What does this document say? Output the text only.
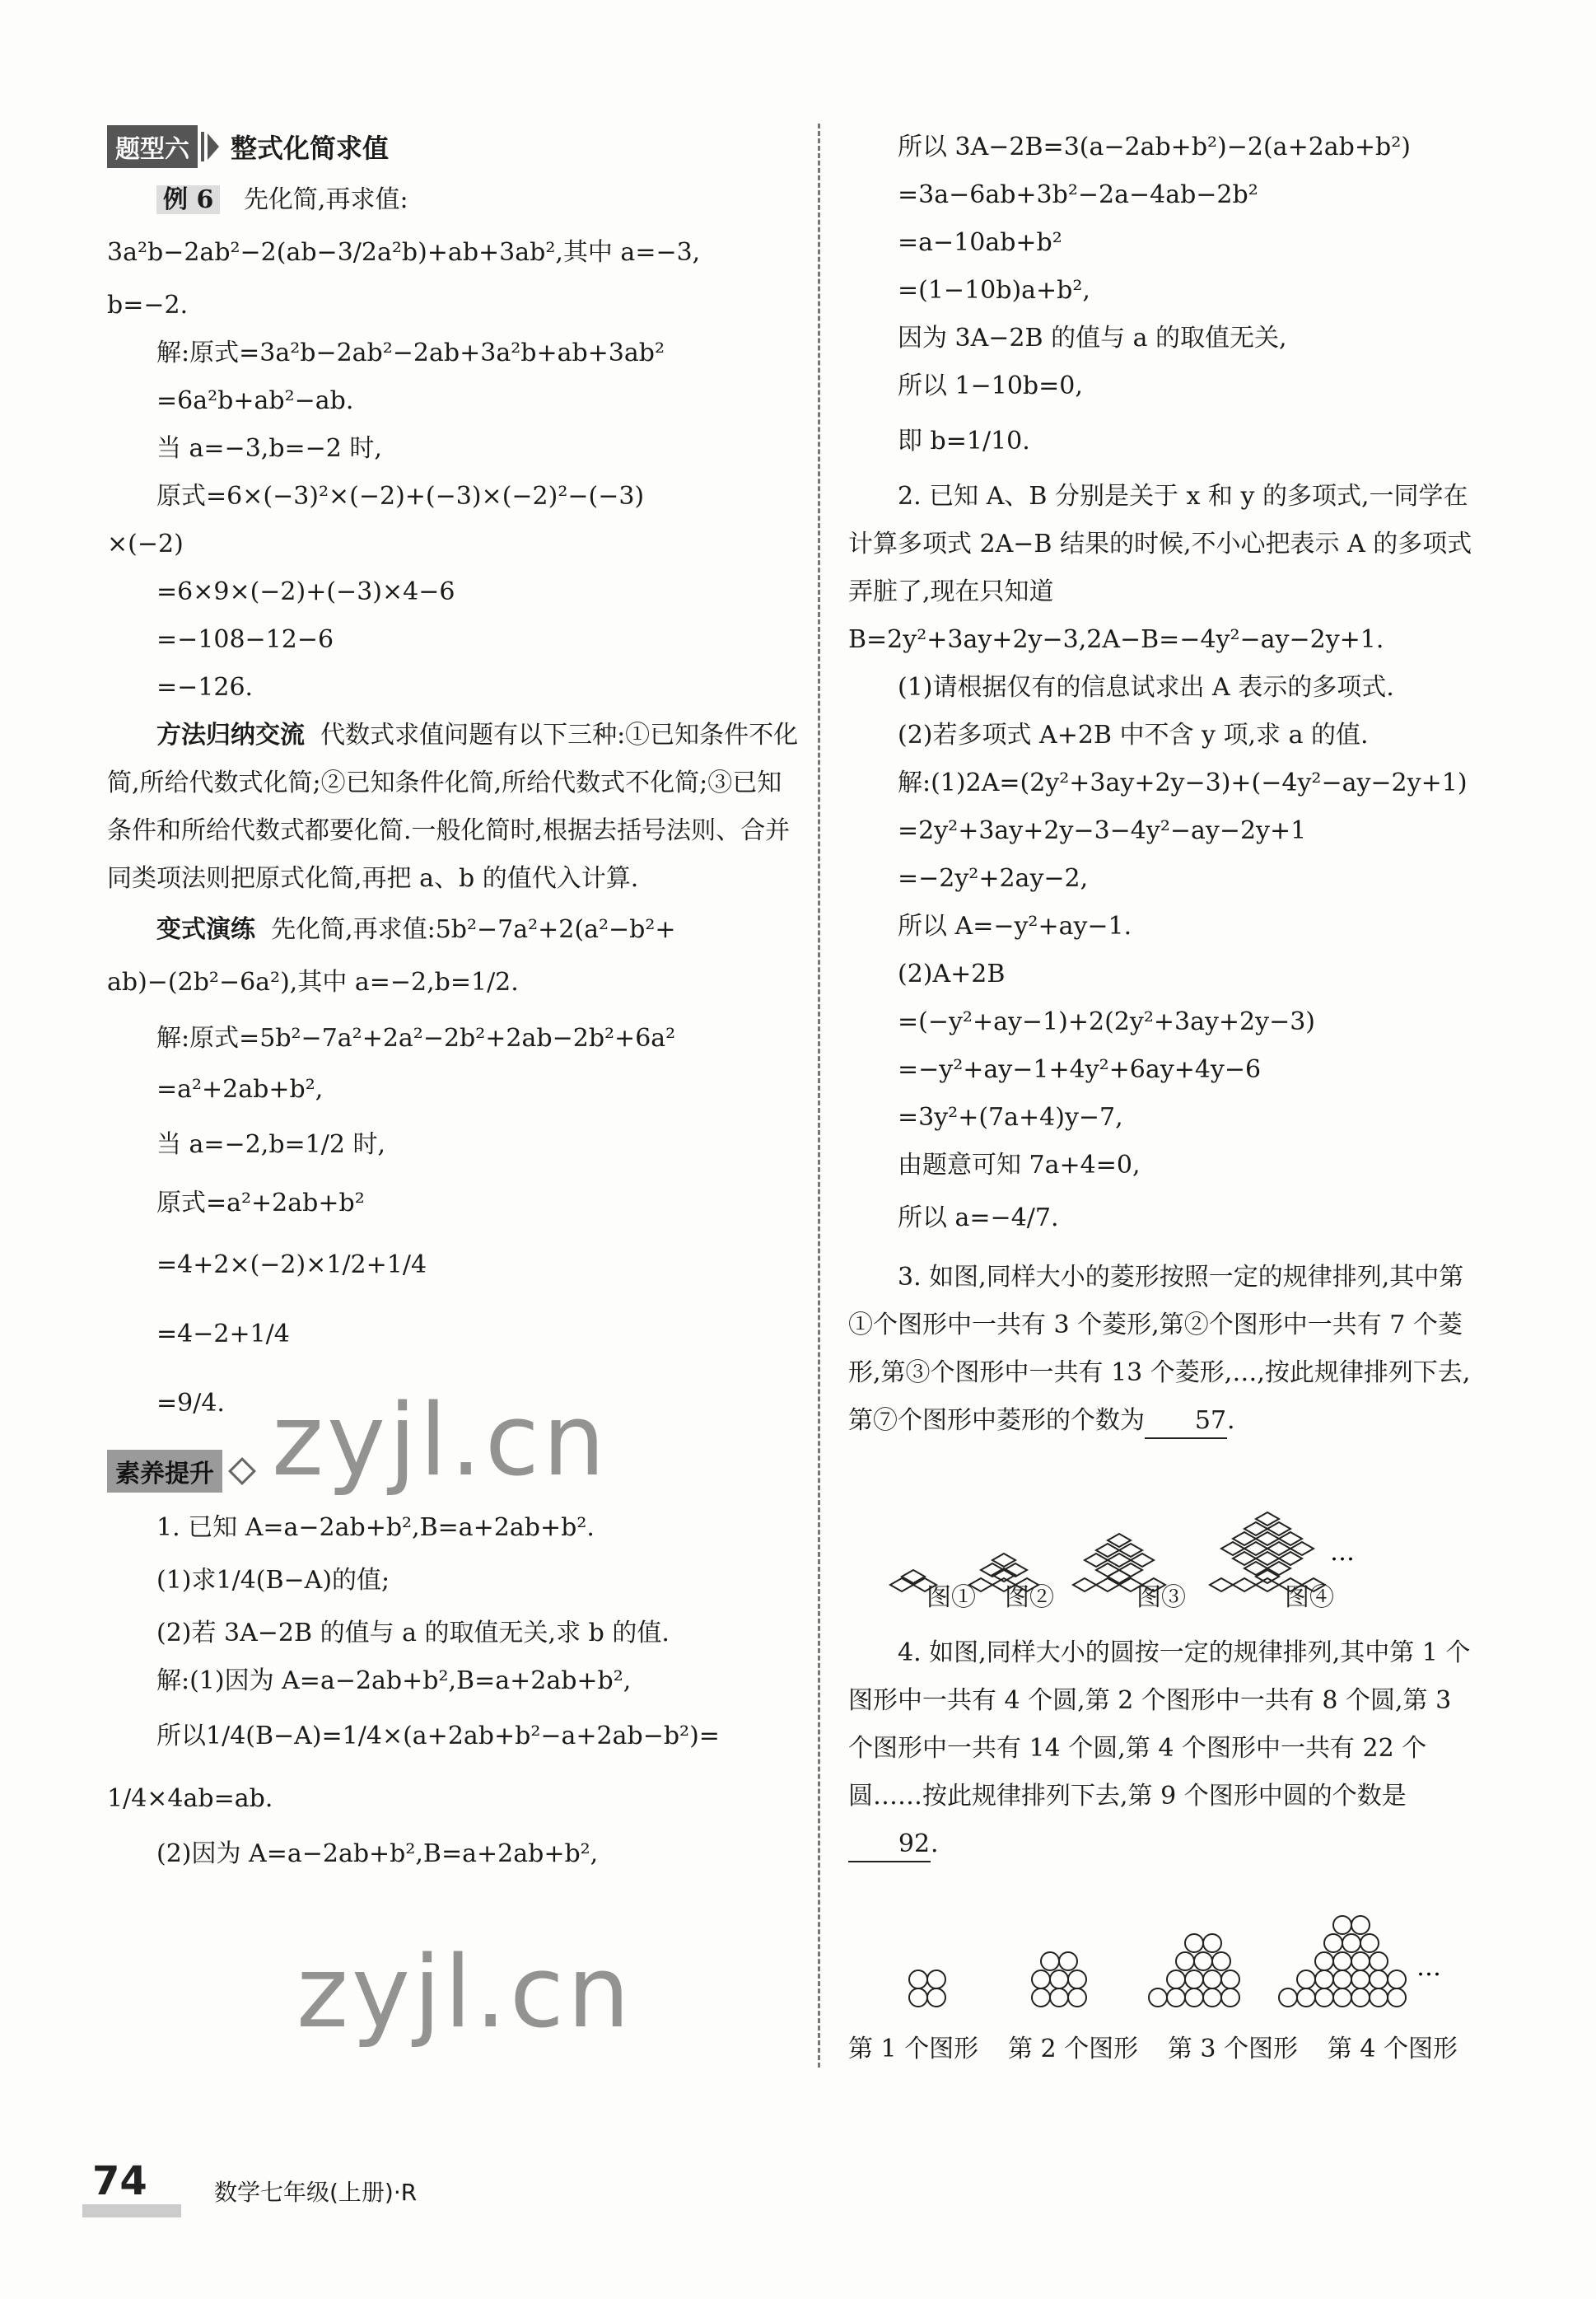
题型六	整式化简求值
例 6 先化简,再求值:
3a²b−2ab²−2(ab−3/2a²b)+ab+3ab²,其中 a=−3,
b=−2.
解:原式=3a²b−2ab²−2ab+3a²b+ab+3ab²
=6a²b+ab²−ab.
当 a=−3,b=−2 时,
原式=6×(−3)²×(−2)+(−3)×(−2)²−(−3)
×(−2)
=6×9×(−2)+(−3)×4−6
=−108−12−6
=−126.
方法归纳交流 代数式求值问题有以下三种:①已知条件不化简,所给代数式化简;②已知条件化简,所给代数式不化简;③已知条件和所给代数式都要化简.一般化简时,根据去括号法则、合并同类项法则把原式化简,再把 a、b 的值代入计算.
变式演练 先化简,再求值:5b²−7a²+2(a²−b²+
ab)−(2b²−6a²),其中 a=−2,b=1/2.
解:原式=5b²−7a²+2a²−2b²+2ab−2b²+6a²
=a²+2ab+b²,
当 a=−2,b=1/2 时,
原式=a²+2ab+b²
=4+2×(−2)×1/2+1/4
=4−2+1/4
=9/4.
素养提升
1. 已知 A=a−2ab+b²,B=a+2ab+b².
(1)求1/4(B−A)的值;
(2)若 3A−2B 的值与 a 的取值无关,求 b 的值.
解:(1)因为 A=a−2ab+b²,B=a+2ab+b²,
所以1/4(B−A)=1/4×(a+2ab+b²−a+2ab−b²)=
1/4×4ab=ab.
(2)因为 A=a−2ab+b²,B=a+2ab+b²,
所以 3A−2B=3(a−2ab+b²)−2(a+2ab+b²)
=3a−6ab+3b²−2a−4ab−2b²
=a−10ab+b²
=(1−10b)a+b²,
因为 3A−2B 的值与 a 的取值无关,
所以 1−10b=0,
即 b=1/10.
2. 已知 A、B 分别是关于 x 和 y 的多项式,一同学在计算多项式 2A−B 结果的时候,不小心把表示 A 的多项式弄脏了,现在只知道 B=2y²+3ay+2y−3,2A−B=−4y²−ay−2y+1.
(1)请根据仅有的信息试求出 A 表示的多项式.
(2)若多项式 A+2B 中不含 y 项,求 a 的值.
解:(1)2A=(2y²+3ay+2y−3)+(−4y²−ay−2y+1)
=2y²+3ay+2y−3−4y²−ay−2y+1
=−2y²+2ay−2,
所以 A=−y²+ay−1.
(2)A+2B
=(−y²+ay−1)+2(2y²+3ay+2y−3)
=−y²+ay−1+4y²+6ay+4y−6
=3y²+(7a+4)y−7,
由题意可知 7a+4=0,
所以 a=−4/7.
3. 如图,同样大小的菱形按照一定的规律排列,其中第①个图形中一共有 3 个菱形,第②个图形中一共有 7 个菱形,第③个图形中一共有 13 个菱形,…,按此规律排列下去,第⑦个图形中菱形的个数为 57.
…
图①	图②	图③	图④
4. 如图,同样大小的圆按一定的规律排列,其中第 1 个图形中一共有 4 个圆,第 2 个图形中一共有 8 个圆,第 3 个图形中一共有 14 个圆,第 4 个图形中一共有 22 个圆……按此规律排列下去,第 9 个图形中圆的个数是92.
…
第 1 个图形 第 2 个图形 第 3 个图形 第 4 个图形
zyjl.cn
zyjl.cn
74	数学七年级(上册)·R
